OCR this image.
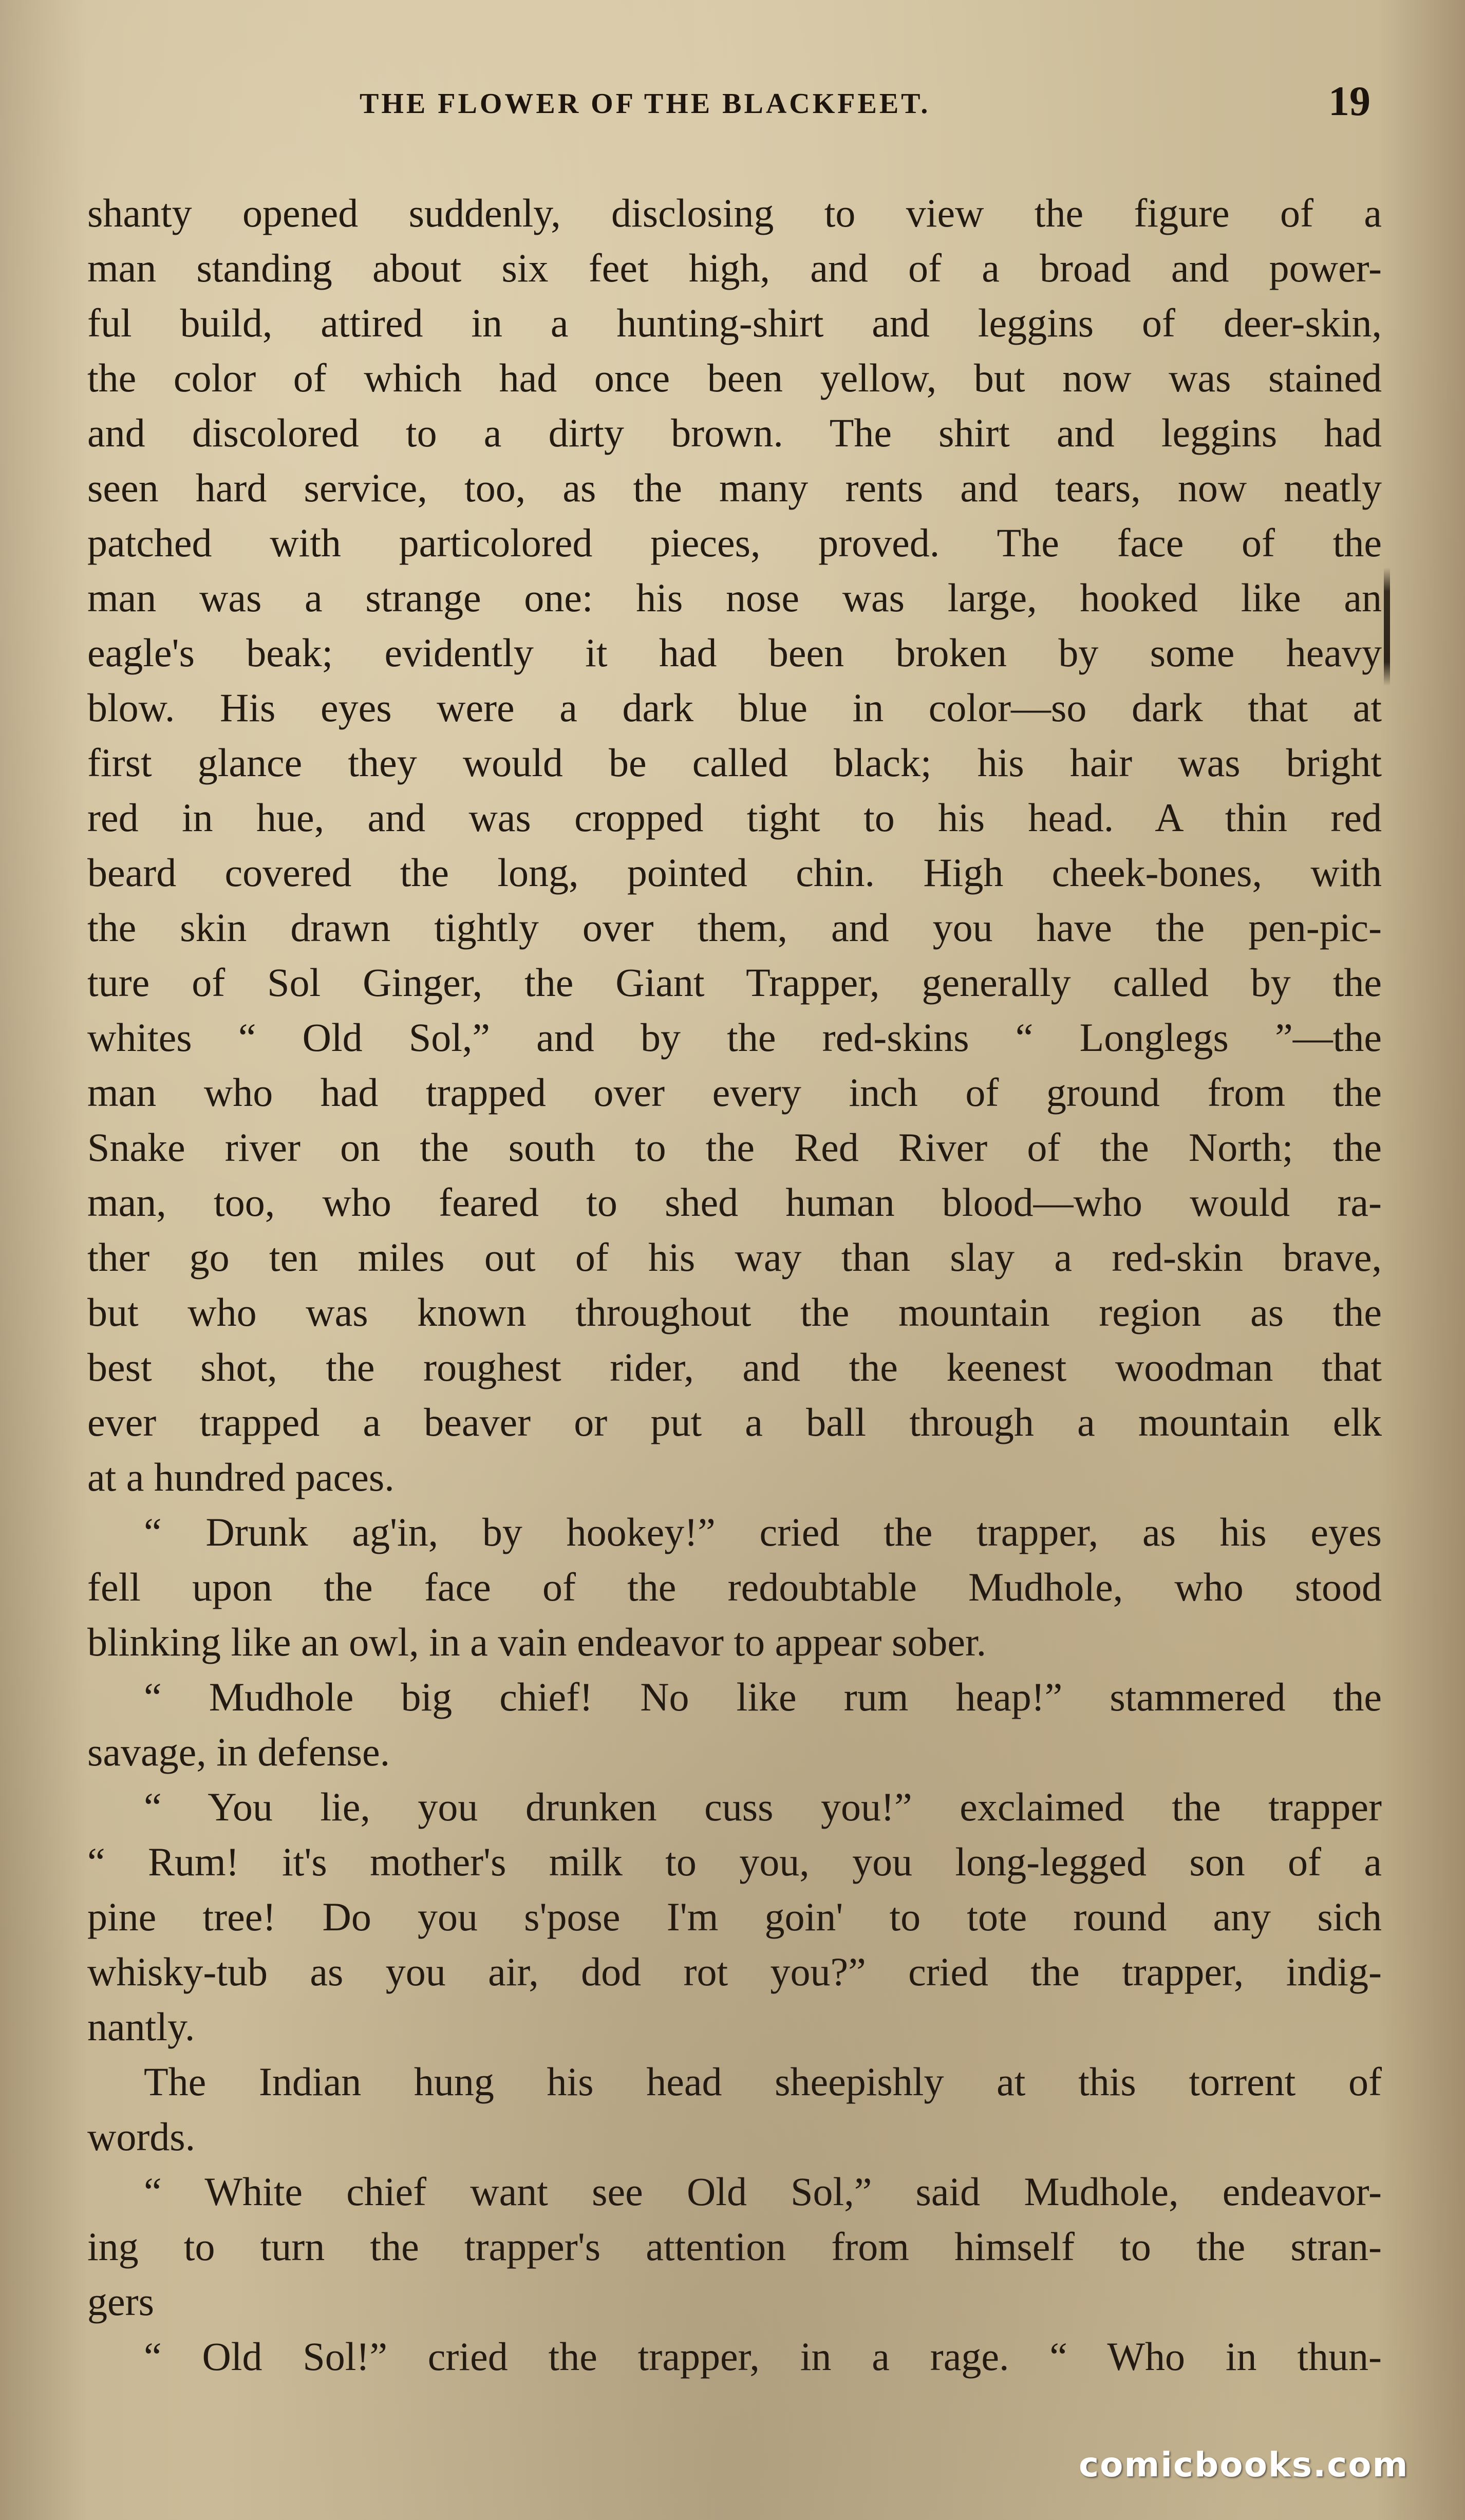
THE FLOWER OF THE BLACKFEET.	19
shanty opened suddenly, disclosing to view the figure of a
man standing about six feet high, and of a broad and power-
ful build, attired in a hunting-shirt and leggins of deer-skin,
the color of which had once been yellow, but now was stained
and discolored to a dirty brown. The shirt and leggins had
seen hard service, too, as the many rents and tears, now neatly
patched with particolored pieces, proved. The face of the
man was a strange one: his nose was large, hooked like an
eagle's beak; evidently it had been broken by some heavy
blow. His eyes were a dark blue in color—so dark that at
first glance they would be called black; his hair was bright
red in hue, and was cropped tight to his head. A thin red
beard covered the long, pointed chin. High cheek-bones, with
the skin drawn tightly over them, and you have the pen-pic-
ture of Sol Ginger, the Giant Trapper, generally called by the
whites “ Old Sol,” and by the red-skins “ Longlegs ”—the
man who had trapped over every inch of ground from the
Snake river on the south to the Red River of the North; the
man, too, who feared to shed human blood—who would ra-
ther go ten miles out of his way than slay a red-skin brave,
but who was known throughout the mountain region as the
best shot, the roughest rider, and the keenest woodman that
ever trapped a beaver or put a ball through a mountain elk
at a hundred paces.
“ Drunk ag'in, by hookey!” cried the trapper, as his eyes
fell upon the face of the redoubtable Mudhole, who stood
blinking like an owl, in a vain endeavor to appear sober.
“ Mudhole big chief! No like rum heap!” stammered the
savage, in defense.
“ You lie, you drunken cuss you!” exclaimed the trapper
“ Rum! it's mother's milk to you, you long-legged son of a
pine tree! Do you s'pose I'm goin' to tote round any sich
whisky-tub as you air, dod rot you?” cried the trapper, indig-
nantly.
The Indian hung his head sheepishly at this torrent of
words.
“ White chief want see Old Sol,” said Mudhole, endeavor-
ing to turn the trapper's attention from himself to the stran-
gers
“ Old Sol!” cried the trapper, in a rage. “ Who in thun-
comicbooks.com
